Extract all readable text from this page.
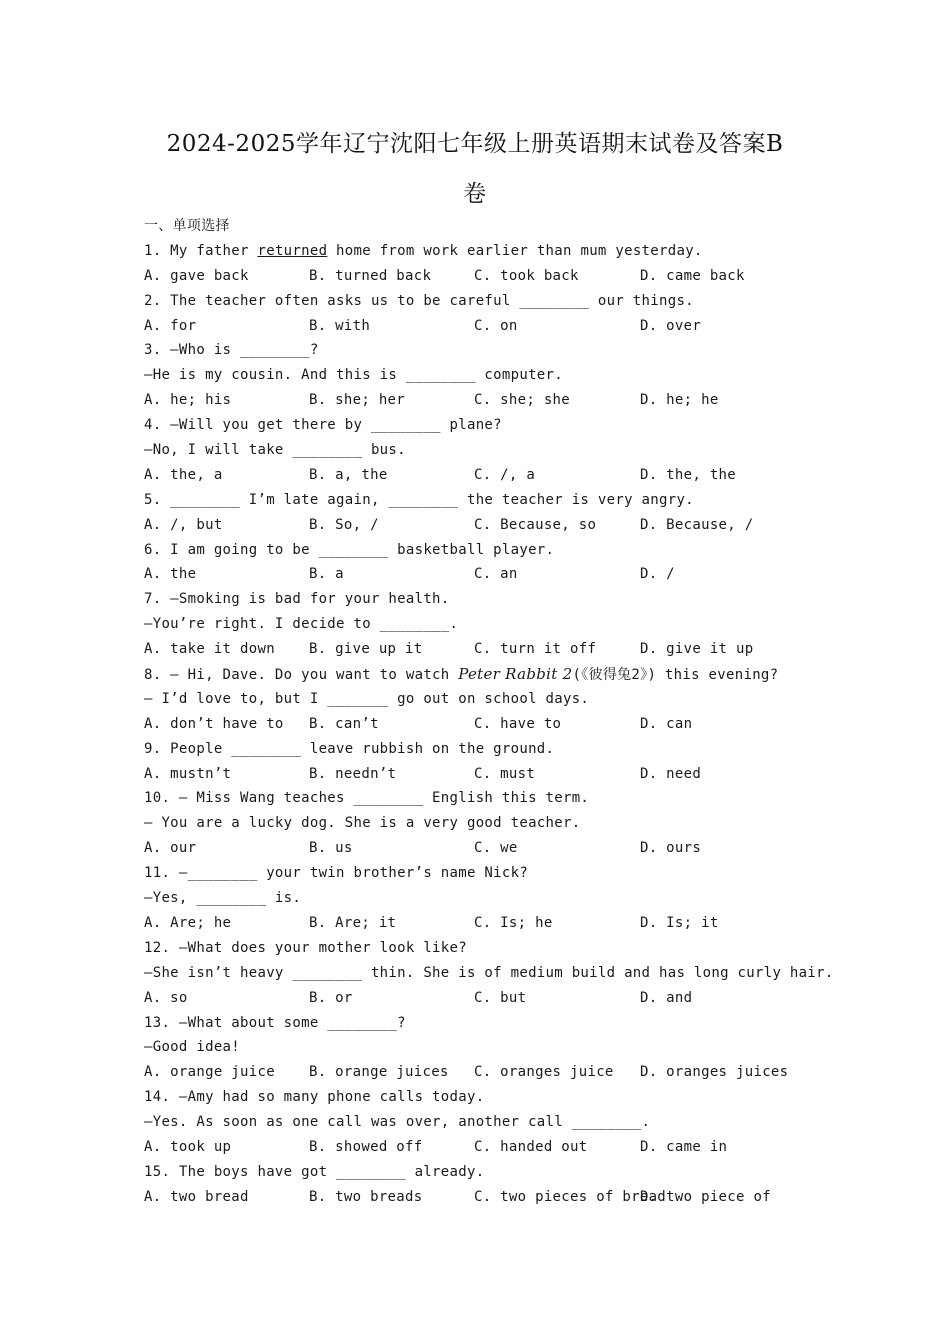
2024-2025学年辽宁沈阳七年级上册英语期末试卷及答案B
卷
一、单项选择
1. My father returned home from work earlier than mum yesterday.
A. gave back	B. turned back	C. took back	D. came back
2. The teacher often asks us to be careful ________ our things.
A. for	B. with	C. on	D. over
3. —Who is ________?
—He is my cousin. And this is ________ computer.
A. he; his	B. she; her	C. she; she	D. he; he
4. —Will you get there by ________ plane?
—No, I will take ________ bus.
A. the, a	B. a, the	C. /, a	D. the, the
5. ________ I’m late again, ________ the teacher is very angry.
A. /, but	B. So, /	C. Because, so	D. Because, /
6. I am going to be ________ basketball player.
A. the	B. a	C. an	D. /
7. —Smoking is bad for your health.
—You’re right. I decide to ________.
A. take it down B. give up it	C. turn it off	D. give it up
8. — Hi, Dave. Do you want to watch Peter Rabbit 2(《彼得兔2》) this evening?
— I’d love to, but I _______ go out on school days.
A. don’t have to B. can’t	C. have to	D. can
9. People ________ leave rubbish on the ground.
A. mustn’t	B. needn’t	C. must	D. need
10. — Miss Wang teaches ________ English this term.
— You are a lucky dog. She is a very good teacher.
A. our	B. us	C. we	D. ours
11. —________ your twin brother’s name Nick?
—Yes, ________ is.
A. Are; he	B. Are; it	C. Is; he	D. Is; it
12. —What does your mother look like?
—She isn’t heavy ________ thin. She is of medium build and has long curly hair.
A. so	B. or	C. but	D. and
13. —What about some ________?
—Good idea!
A. orange juice B. orange juices C. oranges juice D. oranges juices
14. —Amy had so many phone calls today.
—Yes. As soon as one call was over, another call ________.
A. took up	B. showed off	C. handed out	D. came in
15. The boys have got ________ already.
A. two bread	B. two breads	C. two pieces of bread
D. two piece of
